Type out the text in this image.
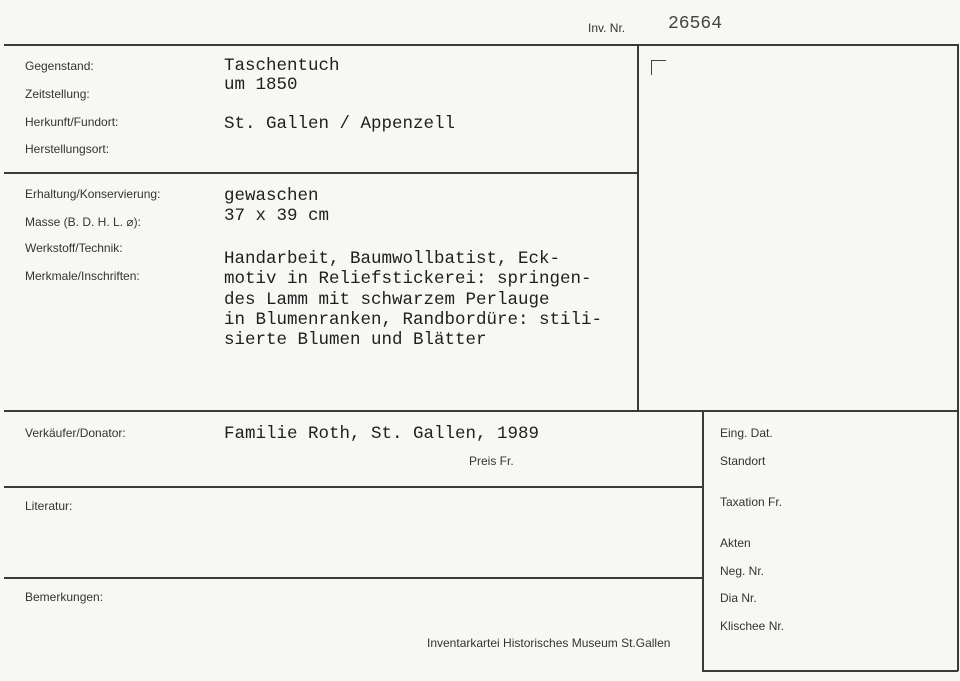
Inv. Nr. 26564
Gegenstand:
Zeitstellung:
Herkunft/Fundort:
Herstellungsort:
Taschentuch
um 1850
St. Gallen / Appenzell
Erhaltung/Konservierung:
Masse (B. D. H. L. ⌀):
Werkstoff/Technik:
Merkmale/Inschriften:
gewaschen
37 x 39 cm
Handarbeit, Baumwollbatist, Eck-
motiv in Reliefstickerei: springen-
des Lamm mit schwarzem Perlauge
in Blumenranken, Randbordüre: stili-
sierte Blumen und Blätter
Verkäufer/Donator:	Familie Roth, St. Gallen, 1989
Preis Fr.
Literatur:
Bemerkungen:
Inventarkartei Historisches Museum St.Gallen
Eing. Dat.
Standort
Taxation Fr.
Akten
Neg. Nr.
Dia Nr.
Klischee Nr.
